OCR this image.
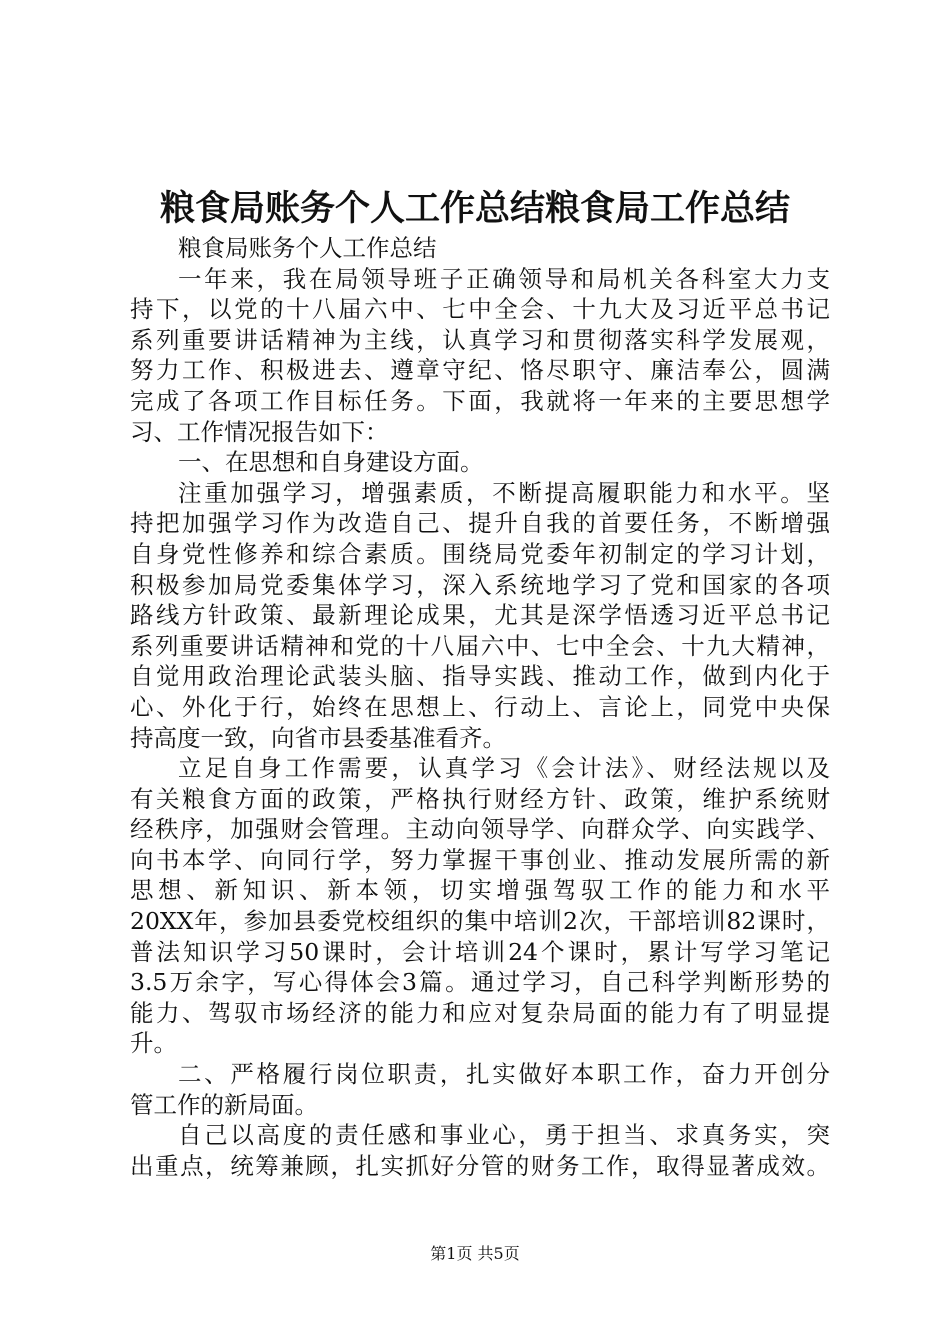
粮食局账务个人工作总结粮食局工作总结
粮食局账务个人工作总结
一年来，我在局领导班子正确领导和局机关各科室大力支
持下，以党的十八届六中、七中全会、十九大及习近平总书记
系列重要讲话精神为主线，认真学习和贯彻落实科学发展观，
努力工作、积极进去、遵章守纪、恪尽职守、廉洁奉公，圆满
完成了各项工作目标任务。下面，我就将一年来的主要思想学
习、工作情况报告如下：
一、在思想和自身建设方面。
注重加强学习，增强素质，不断提高履职能力和水平。坚
持把加强学习作为改造自己、提升自我的首要任务，不断增强
自身党性修养和综合素质。围绕局党委年初制定的学习计划，
积极参加局党委集体学习，深入系统地学习了党和国家的各项
路线方针政策、最新理论成果，尤其是深学悟透习近平总书记
系列重要讲话精神和党的十八届六中、七中全会、十九大精神，
自觉用政治理论武装头脑、指导实践、推动工作，做到内化于
心、外化于行，始终在思想上、行动上、言论上，同党中央保
持高度一致，向省市县委基准看齐。
立足自身工作需要，认真学习《会计法》、财经法规以及
有关粮食方面的政策，严格执行财经方针、政策，维护系统财
经秩序，加强财会管理。主动向领导学、向群众学、向实践学、
向书本学、向同行学，努力掌握干事创业、推动发展所需的新
思想、新知识、新本领，切实增强驾驭工作的能力和水平
20XX年，参加县委党校组织的集中培训2次，干部培训82课时，
普法知识学习50课时，会计培训24个课时，累计写学习笔记
3.5万余字，写心得体会3篇。通过学习，自己科学判断形势的
能力、驾驭市场经济的能力和应对复杂局面的能力有了明显提
升。
二、严格履行岗位职责，扎实做好本职工作，奋力开创分
管工作的新局面。
自己以高度的责任感和事业心，勇于担当、求真务实，突
出重点，统筹兼顾，扎实抓好分管的财务工作，取得显著成效。
第1页 共5页
